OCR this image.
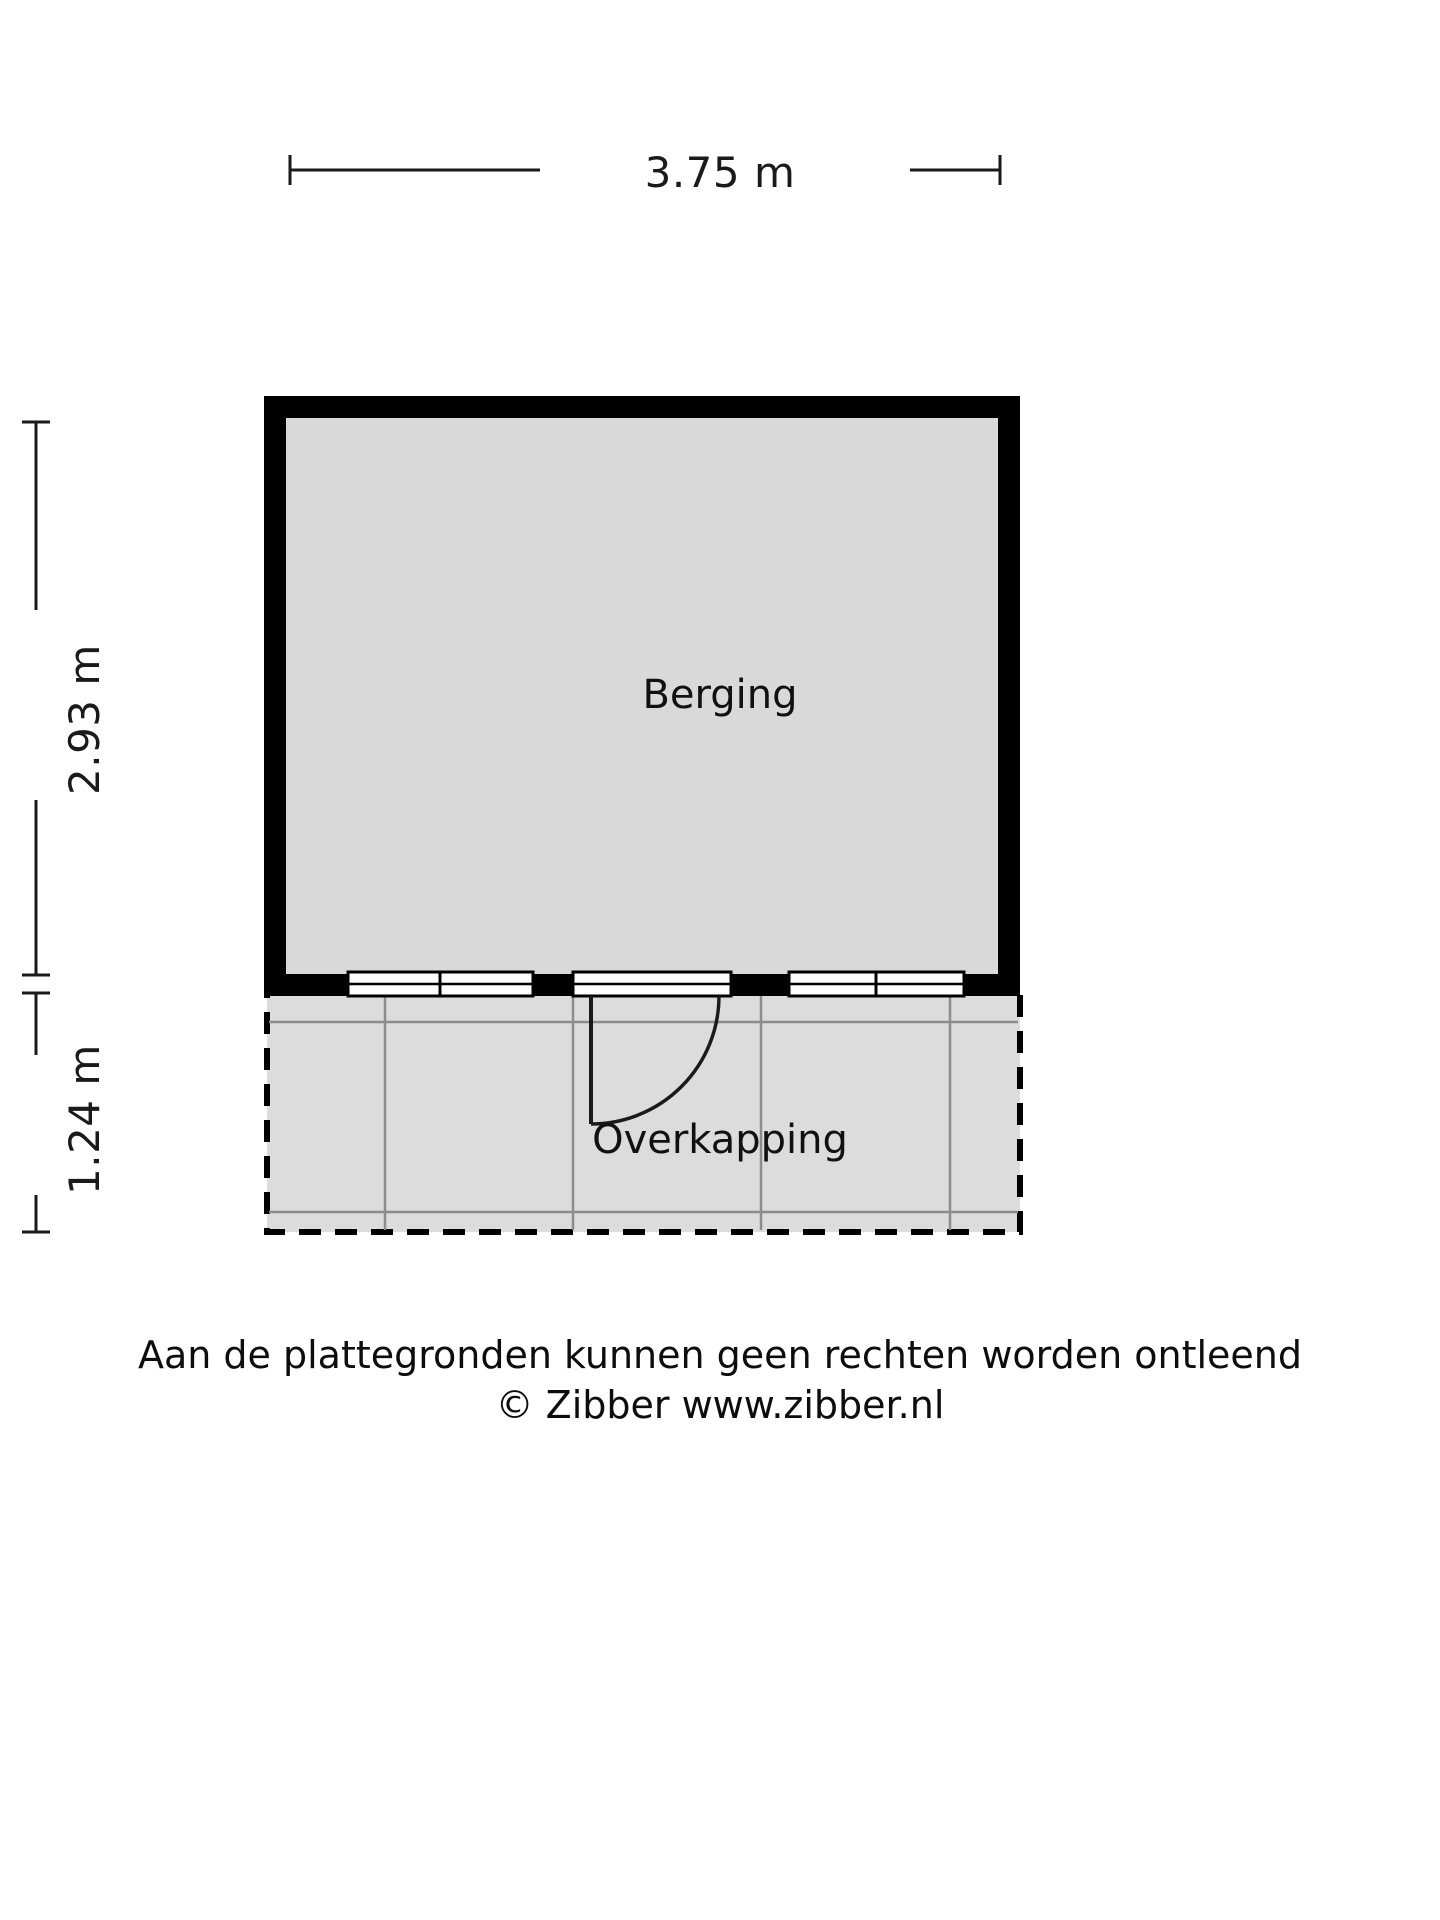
3.75 m
2.93 m
1.24 m
Berging
Overkapping
Aan de plattegronden kunnen geen rechten worden ontleend
© Zibber www.zibber.nl
